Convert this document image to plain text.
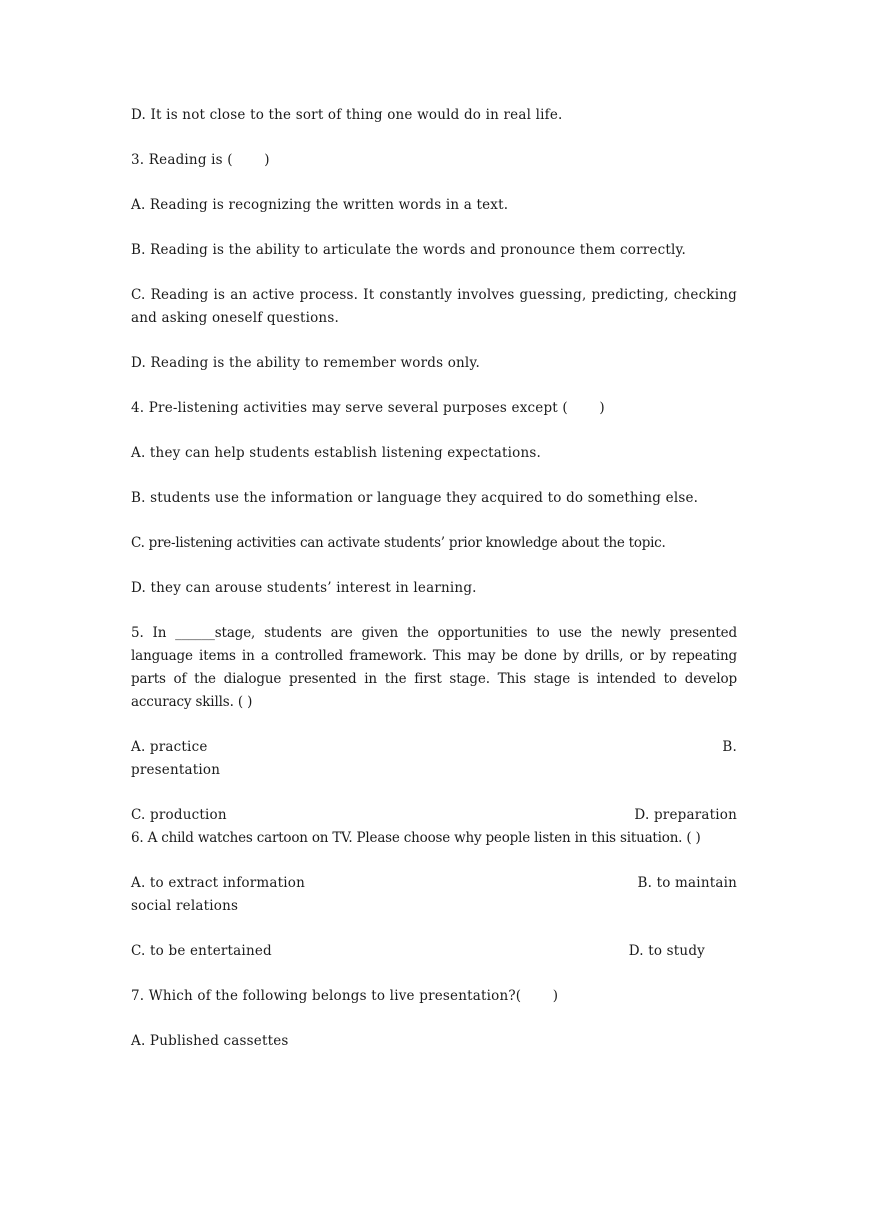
D. It is not close to the sort of thing one would do in real life.

3. Reading is (       )

A. Reading is recognizing the written words in a text.

B. Reading is the ability to articulate the words and pronounce them correctly.

C. Reading is an active process. It constantly involves guessing, predicting, checking and asking oneself questions.

D. Reading is the ability to remember words only.

4. Pre-listening activities may serve several purposes except (       )

A. they can help students establish listening expectations.

B. students use the information or language they acquired to do something else.

C. pre-listening activities can activate students’ prior knowledge about the topic.

D. they can arouse students’ interest in learning.

5. In ______stage, students are given the opportunities to use the newly presented language items in a controlled framework. This may be done by drills, or by repeating parts of the dialogue presented in the first stage. This stage is intended to develop accuracy skills. ( )

A. practice	B.
presentation
C. production	D. preparation

6. A child watches cartoon on TV. Please choose why people listen in this situation. ( )

A. to extract information	B. to maintain
social relations
C. to be entertained	D. to study

7. Which of the following belongs to live presentation?(       )

A. Published cassettes
